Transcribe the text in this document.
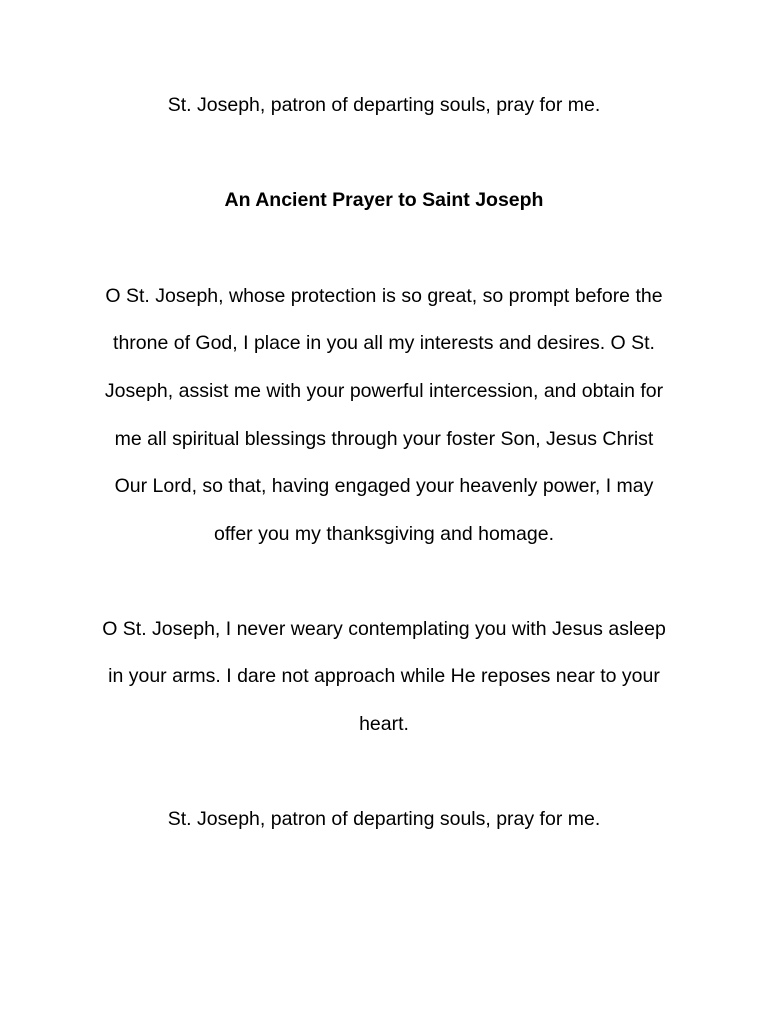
St. Joseph, patron of departing souls, pray for me.
An Ancient Prayer to Saint Joseph
O St. Joseph, whose protection is so great, so prompt before the
throne of God, I place in you all my interests and desires. O St.
Joseph, assist me with your powerful intercession, and obtain for
me all spiritual blessings through your foster Son, Jesus Christ
Our Lord, so that, having engaged your heavenly power, I may
offer you my thanksgiving and homage.
O St. Joseph, I never weary contemplating you with Jesus asleep
in your arms. I dare not approach while He reposes near to your
heart.
St. Joseph, patron of departing souls, pray for me.
